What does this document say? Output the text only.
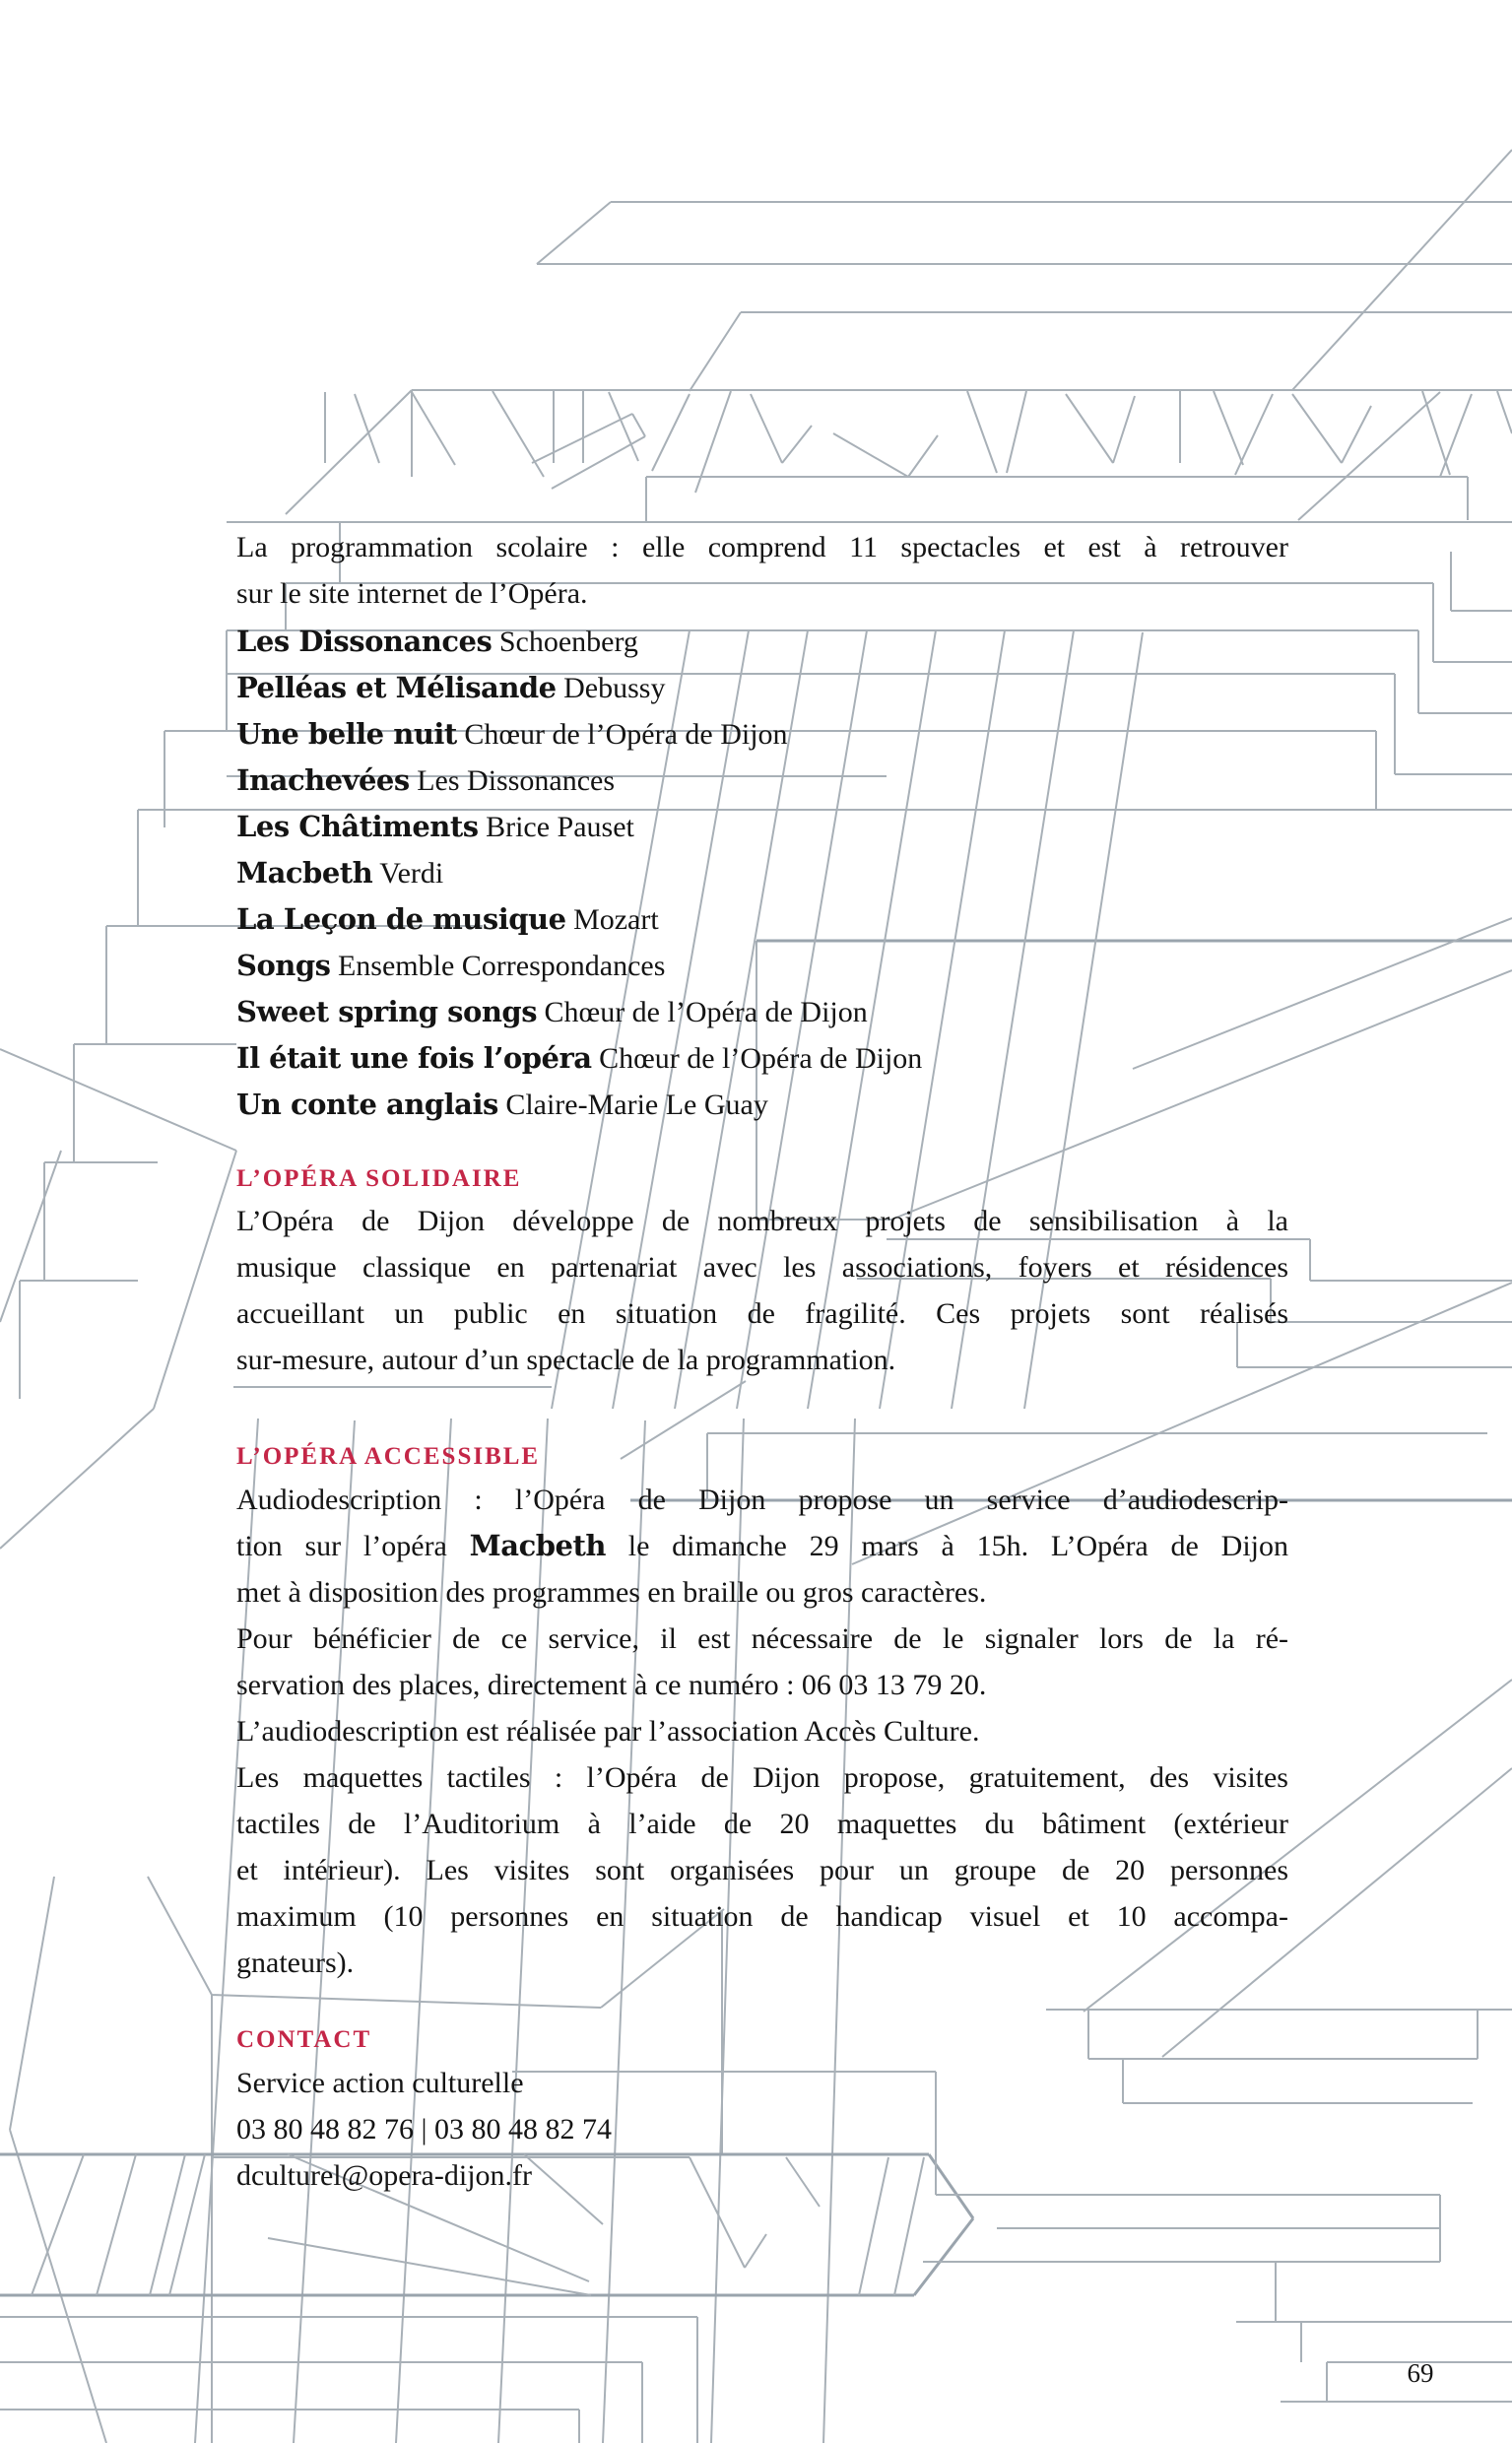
La programmation scolaire : elle comprend 11 spectacles et est à retrouver
sur le site internet de l’Opéra.
Les Dissonances Schoenberg
Pelléas et Mélisande Debussy
Une belle nuit Chœur de l’Opéra de Dijon
Inachevées Les Dissonances
Les Châtiments Brice Pauset
Macbeth Verdi
La Leçon de musique Mozart
Songs Ensemble Correspondances
Sweet spring songs Chœur de l’Opéra de Dijon
Il était une fois l’opéra Chœur de l’Opéra de Dijon
Un conte anglais Claire-Marie Le Guay
L’OPÉRA SOLIDAIRE
L’Opéra de Dijon développe de nombreux projets de sensibilisation à la
musique classique en partenariat avec les associations, foyers et résidences
accueillant un public en situation de fragilité. Ces projets sont réalisés
sur-mesure, autour d’un spectacle de la programmation.
L’OPÉRA ACCESSIBLE
Audiodescription : l’Opéra de Dijon propose un service d’audiodescrip-
tion sur l’opéra Macbeth le dimanche 29 mars à 15h. L’Opéra de Dijon
met à disposition des programmes en braille ou gros caractères.
Pour bénéficier de ce service, il est nécessaire de le signaler lors de la ré-
servation des places, directement à ce numéro : 06 03 13 79 20.
L’audiodescription est réalisée par l’association Accès Culture.
Les maquettes tactiles : l’Opéra de Dijon propose, gratuitement, des visites
tactiles de l’Auditorium à l’aide de 20 maquettes du bâtiment (extérieur
et intérieur). Les visites sont organisées pour un groupe de 20 personnes
maximum (10 personnes en situation de handicap visuel et 10 accompa-
gnateurs).
CONTACT
Service action culturelle
03 80 48 82 76 | 03 80 48 82 74
dculturel@opera-dijon.fr
69
